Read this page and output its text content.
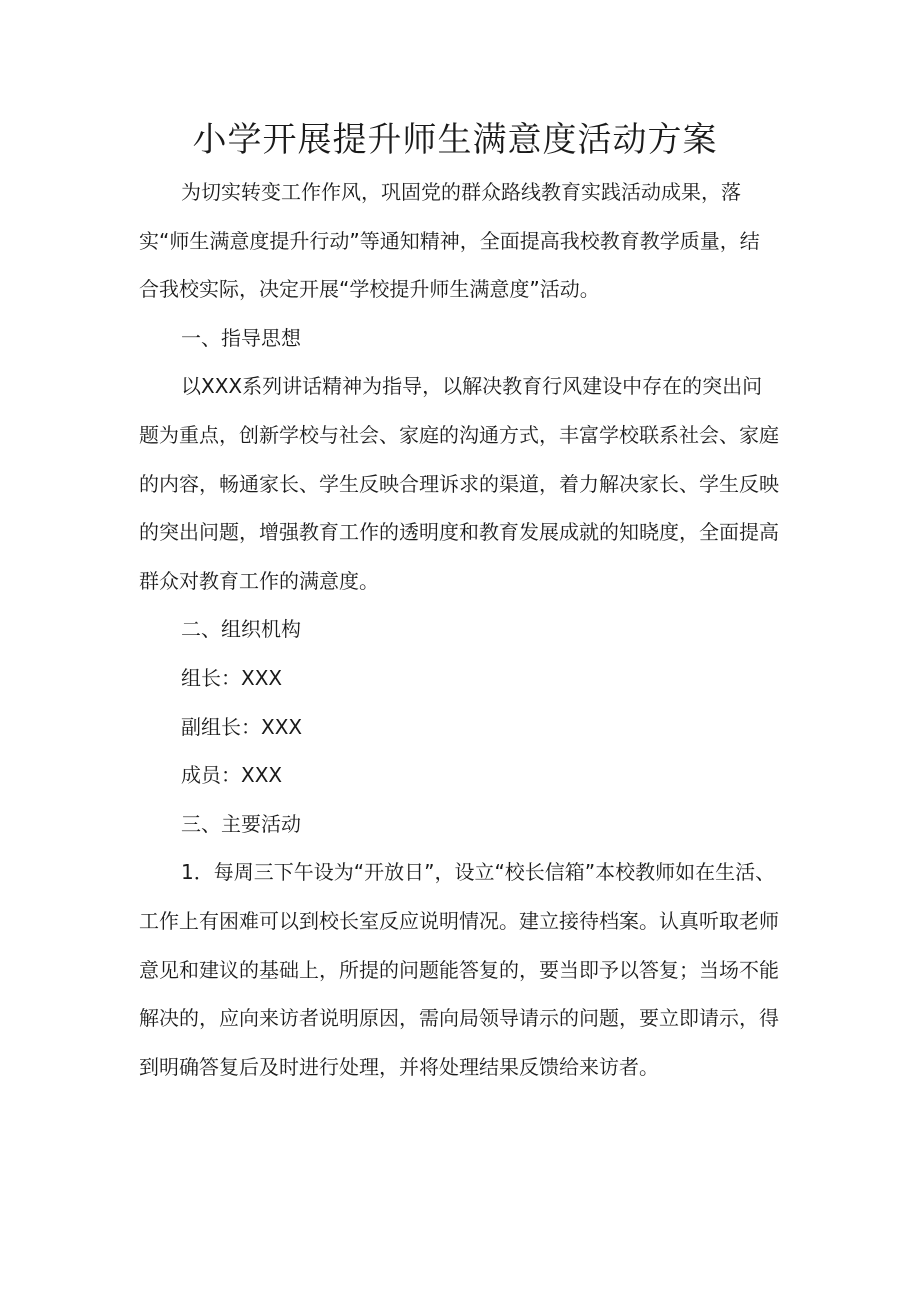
小学开展提升师生满意度活动方案

为切实转变工作作风，巩固党的群众路线教育实践活动成果，落实“师生满意度提升行动”等通知精神，全面提高我校教育教学质量，结合我校实际，决定开展“学校提升师生满意度”活动。

一、指导思想

以XXX系列讲话精神为指导，以解决教育行风建设中存在的突出问题为重点，创新学校与社会、家庭的沟通方式，丰富学校联系社会、家庭的内容，畅通家长、学生反映合理诉求的渠道，着力解决家长、学生反映的突出问题，增强教育工作的透明度和教育发展成就的知晓度，全面提高群众对教育工作的满意度。

二、组织机构

组长：XXX

副组长：XXX

成员：XXX

三、主要活动

1．每周三下午设为“开放日”，设立“校长信箱”本校教师如在生活、工作上有困难可以到校长室反应说明情况。建立接待档案。认真听取老师意见和建议的基础上，所提的问题能答复的，要当即予以答复；当场不能解决的，应向来访者说明原因，需向局领导请示的问题，要立即请示，得到明确答复后及时进行处理，并将处理结果反馈给来访者。
